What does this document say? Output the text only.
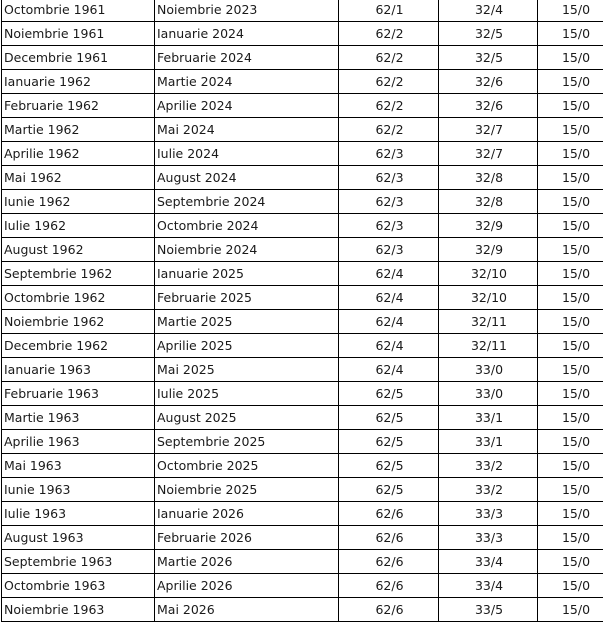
Octombrie 1961	Noiembrie 2023	62/1	32/4	15/0
Noiembrie 1961	Ianuarie 2024	62/2	32/5	15/0
Decembrie 1961	Februarie 2024	62/2	32/5	15/0
Ianuarie 1962	Martie 2024	62/2	32/6	15/0
Februarie 1962	Aprilie 2024	62/2	32/6	15/0
Martie 1962	Mai 2024	62/2	32/7	15/0
Aprilie 1962	Iulie 2024	62/3	32/7	15/0
Mai 1962	August 2024	62/3	32/8	15/0
Iunie 1962	Septembrie 2024	62/3	32/8	15/0
Iulie 1962	Octombrie 2024	62/3	32/9	15/0
August 1962	Noiembrie 2024	62/3	32/9	15/0
Septembrie 1962	Ianuarie 2025	62/4	32/10	15/0
Octombrie 1962	Februarie 2025	62/4	32/10	15/0
Noiembrie 1962	Martie 2025	62/4	32/11	15/0
Decembrie 1962	Aprilie 2025	62/4	32/11	15/0
Ianuarie 1963	Mai 2025	62/4	33/0	15/0
Februarie 1963	Iulie 2025	62/5	33/0	15/0
Martie 1963	August 2025	62/5	33/1	15/0
Aprilie 1963	Septembrie 2025	62/5	33/1	15/0
Mai 1963	Octombrie 2025	62/5	33/2	15/0
Iunie 1963	Noiembrie 2025	62/5	33/2	15/0
Iulie 1963	Ianuarie 2026	62/6	33/3	15/0
August 1963	Februarie 2026	62/6	33/3	15/0
Septembrie 1963	Martie 2026	62/6	33/4	15/0
Octombrie 1963	Aprilie 2026	62/6	33/4	15/0
Noiembrie 1963	Mai 2026	62/6	33/5	15/0
